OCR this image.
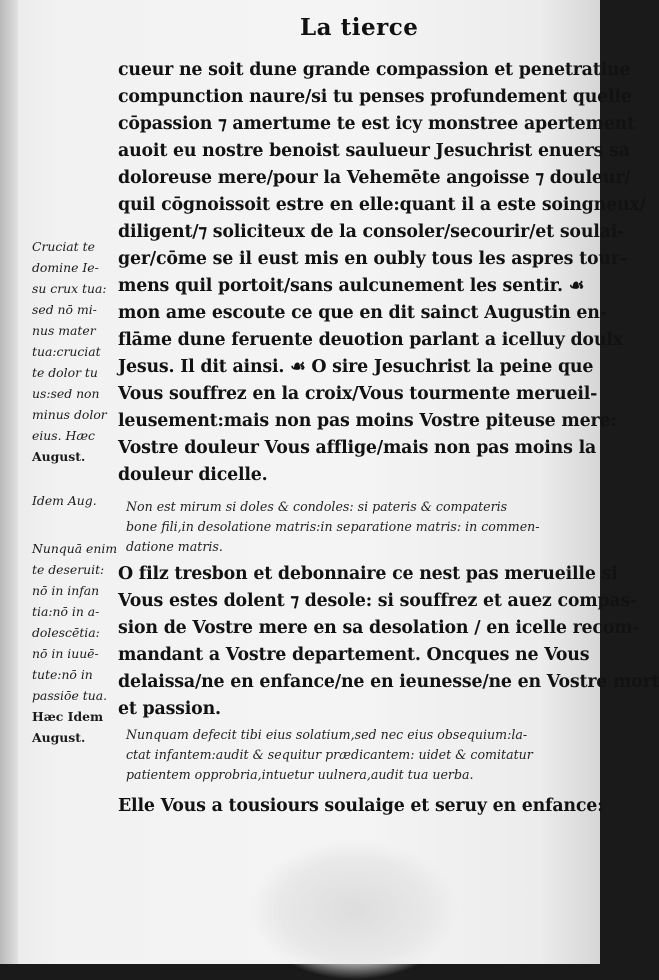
La tierce
cueur ne soit dune grande compassion et penetratiue
compunction naure/si tu penses profundement quelle
cōpassion ⁊ amertume te est icy monstree apertement
auoit eu nostre benoist saulueur Jesuchrist enuers sa
doloreuse mere/pour la Vehemēte angoisse ⁊ douleur/
quil cōgnoissoit estre en elle:quant il a este soingneux/
diligent/⁊ soliciteux de la consoler/secourir/et soulai-
ger/cōme se il eust mis en oubly tous les aspres tour-
mens quil portoit/sans aulcunement les sentir. ☙
mon ame escoute ce que en dit sainct Augustin en-
flāme dune feruente deuotion parlant a icelluy doulx
Jesus. Il dit ainsi. ☙ O sire Jesuchrist la peine que
Vous souffrez en la croix/Vous tourmente merueil-
leusement:mais non pas moins Vostre piteuse mere:
Vostre douleur Vous afflige/mais non pas moins la
douleur dicelle.
Non est mirum si doles & condoles: si pateris & compateris
bone fili,in desolatione matris:in separatione matris: in commen-
datione matris.
O filz tresbon et debonnaire ce nest pas merueille si
Vous estes dolent ⁊ desole: si souffrez et auez compas-
sion de Vostre mere en sa desolation / en icelle recom-
mandant a Vostre departement. Oncques ne Vous
delaissa/ne en enfance/ne en ieunesse/ne en Vostre mort
et passion.
Nunquam defecit tibi eius solatium,sed nec eius obsequium:la-
ctat infantem:audit & sequitur prædicantem: uidet & comitatur
patientem opprobria,intuetur uulnera,audit tua uerba.
Elle Vous a tousiours soulaige et seruy en enfance:
Cruciat te
domine Ie-
su crux tua:
sed nō mi-
nus mater
tua:cruciat
te dolor tu
us:sed non
minus dolor
eius. Hæc
August.
Idem Aug.
Nunquā enim
te deseruit:
nō in infan
tia:nō in a-
dolescētia:
nō in iuuē-
tute:nō in
passiōe tua.
Hæc Idem
August.
